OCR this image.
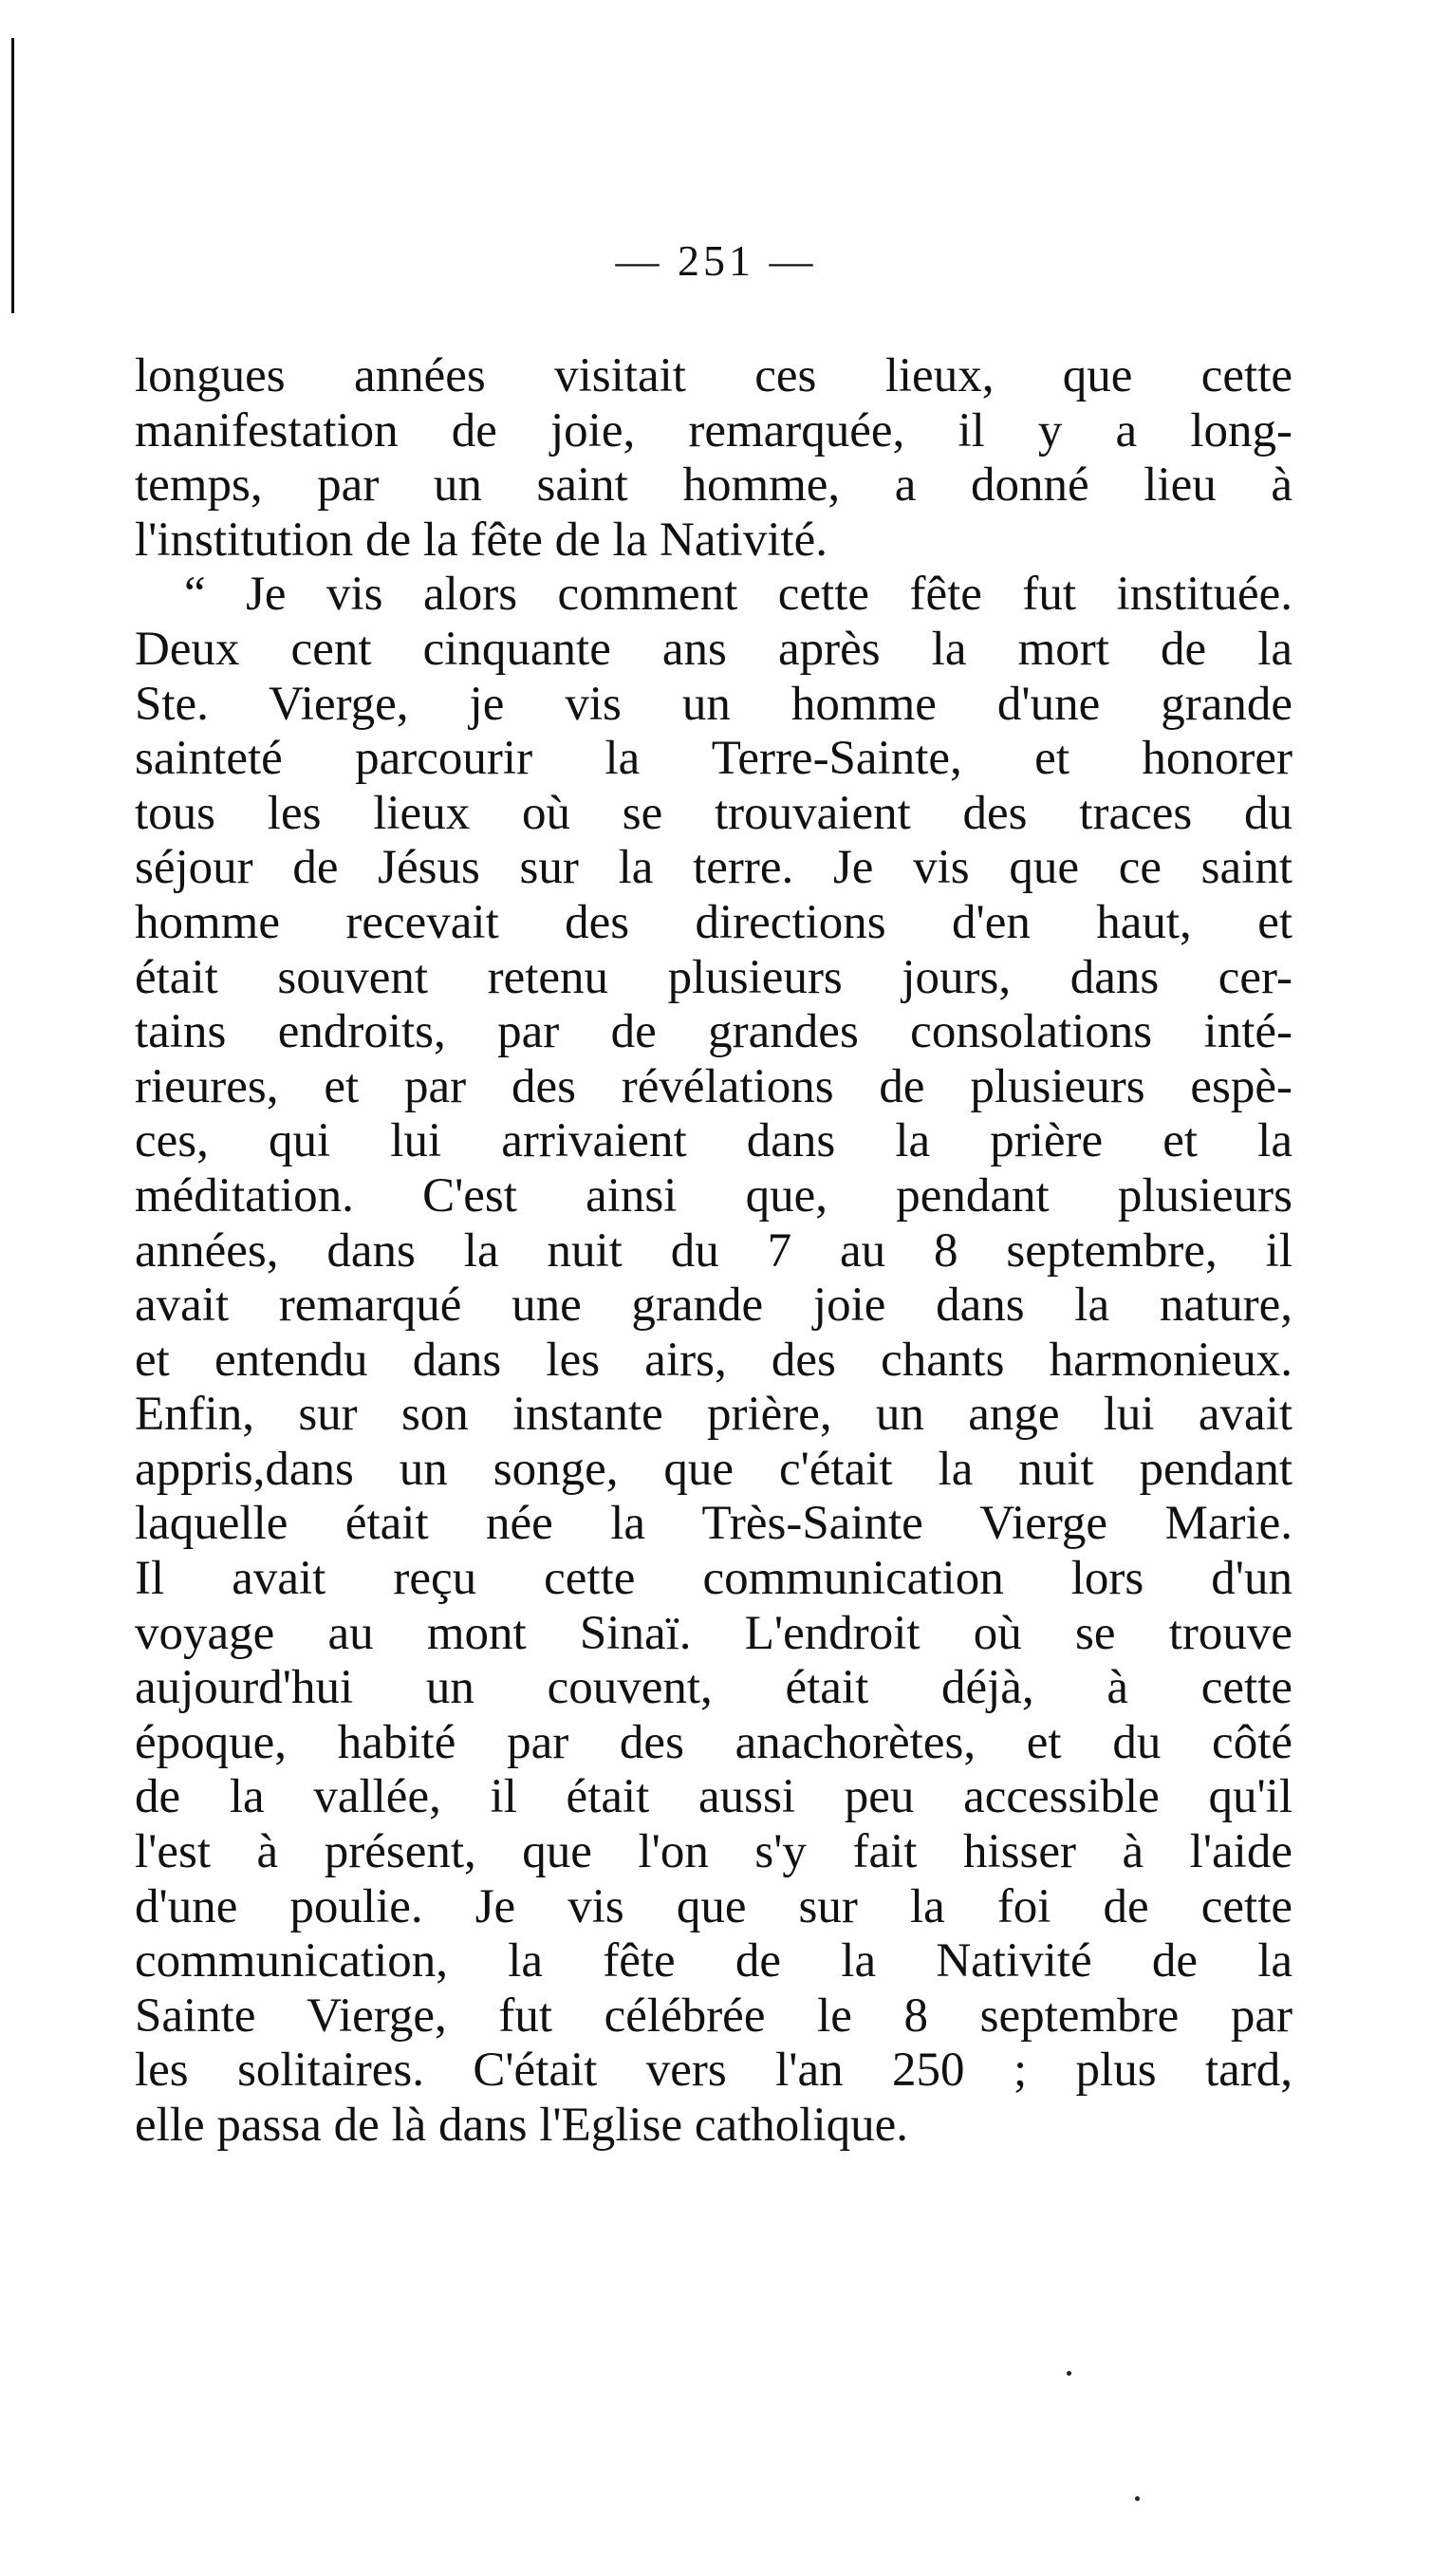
— 251 —
longues années visitait ces lieux, que cette
manifestation de joie, remarquée, il y a long-
temps, par un saint homme, a donné lieu à
l'institution de la fête de la Nativité.
“ Je vis alors comment cette fête fut instituée.
Deux cent cinquante ans après la mort de la
Ste. Vierge, je vis un homme d'une grande
sainteté parcourir la Terre-Sainte, et honorer
tous les lieux où se trouvaient des traces du
séjour de Jésus sur la terre. Je vis que ce saint
homme recevait des directions d'en haut, et
était souvent retenu plusieurs jours, dans cer-
tains endroits, par de grandes consolations inté-
rieures, et par des révélations de plusieurs espè-
ces, qui lui arrivaient dans la prière et la
méditation. C'est ainsi que, pendant plusieurs
années, dans la nuit du 7 au 8 septembre, il
avait remarqué une grande joie dans la nature,
et entendu dans les airs, des chants harmonieux.
Enfin, sur son instante prière, un ange lui avait
appris,dans un songe, que c'était la nuit pendant
laquelle était née la Très-Sainte Vierge Marie.
Il avait reçu cette communication lors d'un
voyage au mont Sinaï. L'endroit où se trouve
aujourd'hui un couvent, était déjà, à cette
époque, habité par des anachorètes, et du côté
de la vallée, il était aussi peu accessible qu'il
l'est à présent, que l'on s'y fait hisser à l'aide
d'une poulie. Je vis que sur la foi de cette
communication, la fête de la Nativité de la
Sainte Vierge, fut célébrée le 8 septembre par
les solitaires. C'était vers l'an 250 ; plus tard,
elle passa de là dans l'Eglise catholique.
